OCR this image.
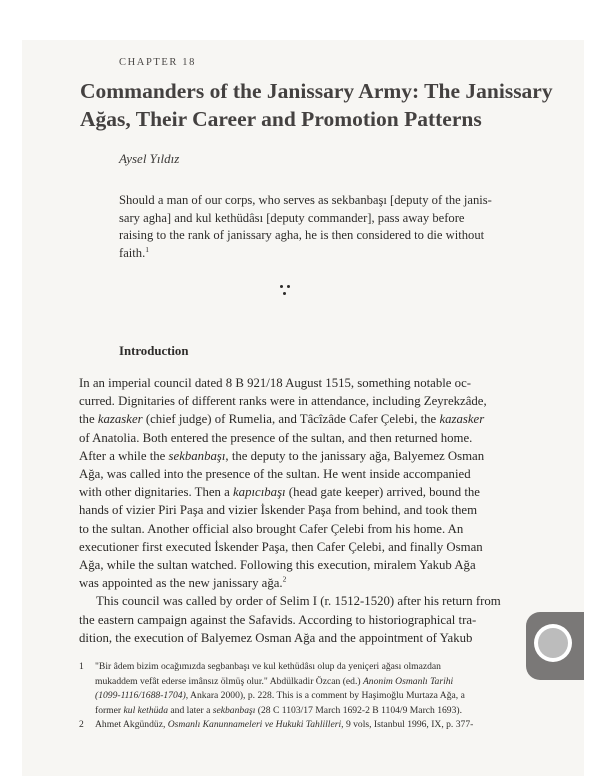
CHAPTER 18
Commanders of the Janissary Army: The Janissary
Ağas, Their Career and Promotion Patterns
Aysel Yıldız
Should a man of our corps, who serves as sekbanbaşı [deputy of the janis-
sary agha] and kul kethüdâsı [deputy commander], pass away before
raising to the rank of janissary agha, he is then considered to die without
faith.$^1$
Introduction
In an imperial council dated 8 B 921/18 August 1515, something notable oc-
curred. Dignitaries of different ranks were in attendance, including Zeyrekzâde,
the kazasker (chief judge) of Rumelia, and Tâcîzâde Cafer Çelebi, the kazasker
of Anatolia. Both entered the presence of the sultan, and then returned home.
After a while the sekbanbaşı, the deputy to the janissary ağa, Balyemez Osman
Ağa, was called into the presence of the sultan. He went inside accompanied
with other dignitaries. Then a kapıcıbaşı (head gate keeper) arrived, bound the
hands of vizier Piri Paşa and vizier İskender Paşa from behind, and took them
to the sultan. Another official also brought Cafer Çelebi from his home. An
executioner first executed İskender Paşa, then Cafer Çelebi, and finally Osman
Ağa, while the sultan watched. Following this execution, miralem Yakub Ağa
was appointed as the new janissary ağa.$^2$
This council was called by order of Selim I (r. 1512-1520) after his return from
the eastern campaign against the Safavids. According to historiographical tra-
dition, the execution of Balyemez Osman Ağa and the appointment of Yakub
1 "Bir âdem bizim ocağımızda segbanbaşı ve kul kethüdâsı olup da yeniçeri ağası olmazdan
mukaddem vefât ederse imânsız ölmüş olur." Abdülkadir Özcan (ed.) Anonim Osmanlı Tarihi
(1099-1116/1688-1704), Ankara 2000), p. 228. This is a comment by Haşimoğlu Murtaza Ağa, a
former kul kethüda and later a sekbanbaşı (28 C 1103/17 March 1692-2 B 1104/9 March 1693).
2 Ahmet Akgündüz, Osmanlı Kanunnameleri ve Hukuki Tahlilleri, 9 vols, Istanbul 1996, IX, p. 377-
